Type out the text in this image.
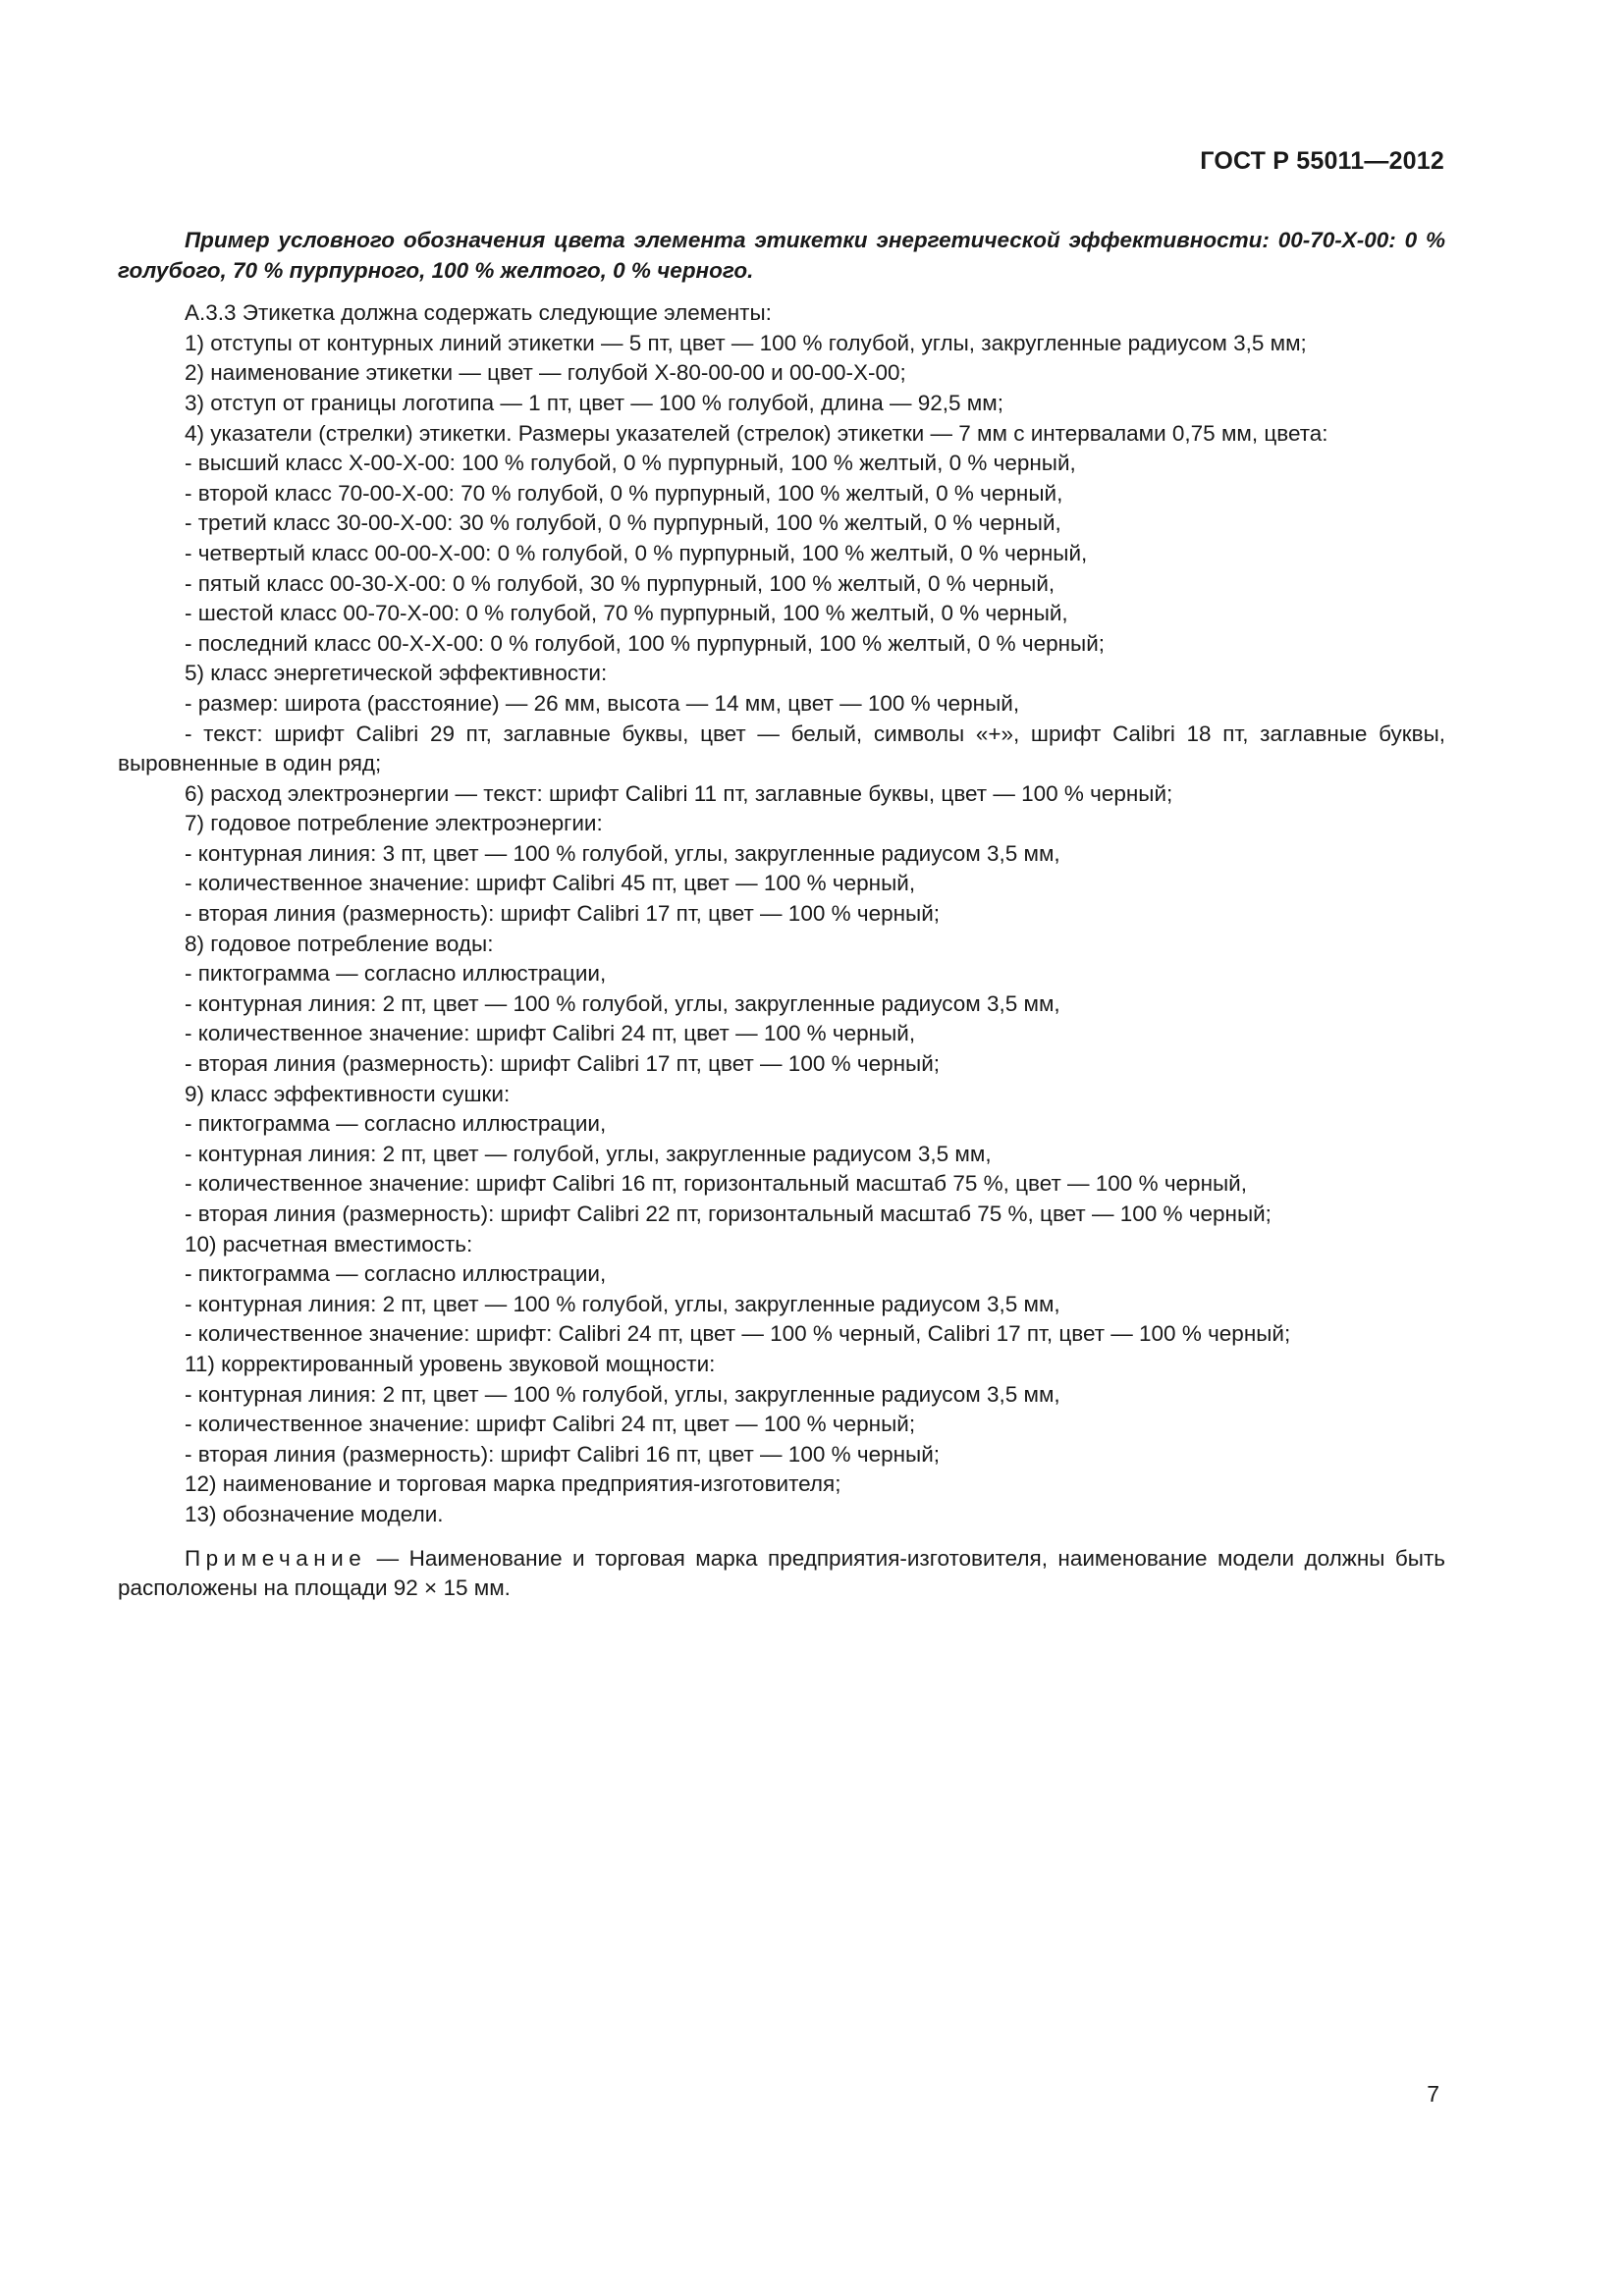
ГОСТ Р 55011—2012

Пример условного обозначения цвета элемента этикетки энергетической эффективности: 00-70-Х-00: 0 % голубого, 70 % пурпурного, 100 % желтого, 0 % черного.

А.3.3 Этикетка должна содержать следующие элементы:

1) отступы от контурных линий этикетки — 5 пт, цвет — 100 % голубой, углы, закругленные радиусом 3,5 мм;

2) наименование этикетки — цвет — голубой Х-80-00-00 и 00-00-Х-00;

3) отступ от границы логотипа — 1 пт, цвет — 100 % голубой, длина — 92,5 мм;

4) указатели (стрелки) этикетки. Размеры указателей (стрелок) этикетки — 7 мм с интервалами 0,75 мм, цвета:

- высший класс Х-00-Х-00: 100 % голубой, 0 % пурпурный, 100 % желтый, 0 % черный,

- второй класс 70-00-Х-00: 70 % голубой, 0 % пурпурный, 100 % желтый, 0 % черный,

- третий класс 30-00-Х-00: 30 % голубой, 0 % пурпурный, 100 % желтый, 0 % черный,

- четвертый класс 00-00-Х-00: 0 % голубой, 0 % пурпурный, 100 % желтый, 0 % черный,

- пятый класс 00-30-Х-00: 0 % голубой, 30 % пурпурный, 100 % желтый, 0 % черный,

- шестой класс 00-70-Х-00: 0 % голубой, 70 % пурпурный, 100 % желтый, 0 % черный,

- последний класс 00-Х-Х-00: 0 % голубой, 100 % пурпурный, 100 % желтый, 0 % черный;

5) класс энергетической эффективности:

- размер: широта (расстояние) — 26 мм, высота — 14 мм, цвет — 100 % черный,

- текст: шрифт Calibri 29 пт, заглавные буквы, цвет — белый, символы «+», шрифт Calibri 18 пт, заглавные буквы, выровненные в один ряд;

6) расход электроэнергии — текст: шрифт Calibri 11 пт, заглавные буквы, цвет — 100 % черный;

7) годовое потребление электроэнергии:

- контурная линия: 3 пт, цвет — 100 % голубой, углы, закругленные радиусом 3,5 мм,

- количественное значение: шрифт Calibri 45 пт, цвет — 100 % черный,

- вторая линия (размерность): шрифт Calibri 17 пт, цвет — 100 % черный;

8) годовое потребление воды:

- пиктограмма — согласно иллюстрации,

- контурная линия: 2 пт, цвет — 100 % голубой, углы, закругленные радиусом 3,5 мм,

- количественное значение: шрифт Calibri 24 пт, цвет — 100 % черный,

- вторая линия (размерность): шрифт Calibri 17 пт, цвет — 100 % черный;

9) класс эффективности сушки:

- пиктограмма — согласно иллюстрации,

- контурная линия: 2 пт, цвет — голубой, углы, закругленные радиусом 3,5 мм,

- количественное значение: шрифт Calibri 16 пт, горизонтальный масштаб 75 %, цвет — 100 % черный,

- вторая линия (размерность): шрифт Calibri 22 пт, горизонтальный масштаб 75 %, цвет — 100 % черный;

10) расчетная вместимость:

- пиктограмма — согласно иллюстрации,

- контурная линия: 2 пт, цвет — 100 % голубой, углы, закругленные радиусом 3,5 мм,

- количественное значение: шрифт: Calibri 24 пт, цвет — 100 % черный, Calibri 17 пт, цвет — 100 % черный;

11) корректированный уровень звуковой мощности:

- контурная линия: 2 пт, цвет — 100 % голубой, углы, закругленные радиусом 3,5 мм,

- количественное значение: шрифт Calibri 24 пт, цвет — 100 % черный;

- вторая линия (размерность): шрифт Calibri 16 пт, цвет — 100 % черный;

12) наименование и торговая марка предприятия-изготовителя;

13) обозначение модели.

Примечание — Наименование и торговая марка предприятия-изготовителя, наименование модели должны быть расположены на площади 92 × 15 мм.

7
